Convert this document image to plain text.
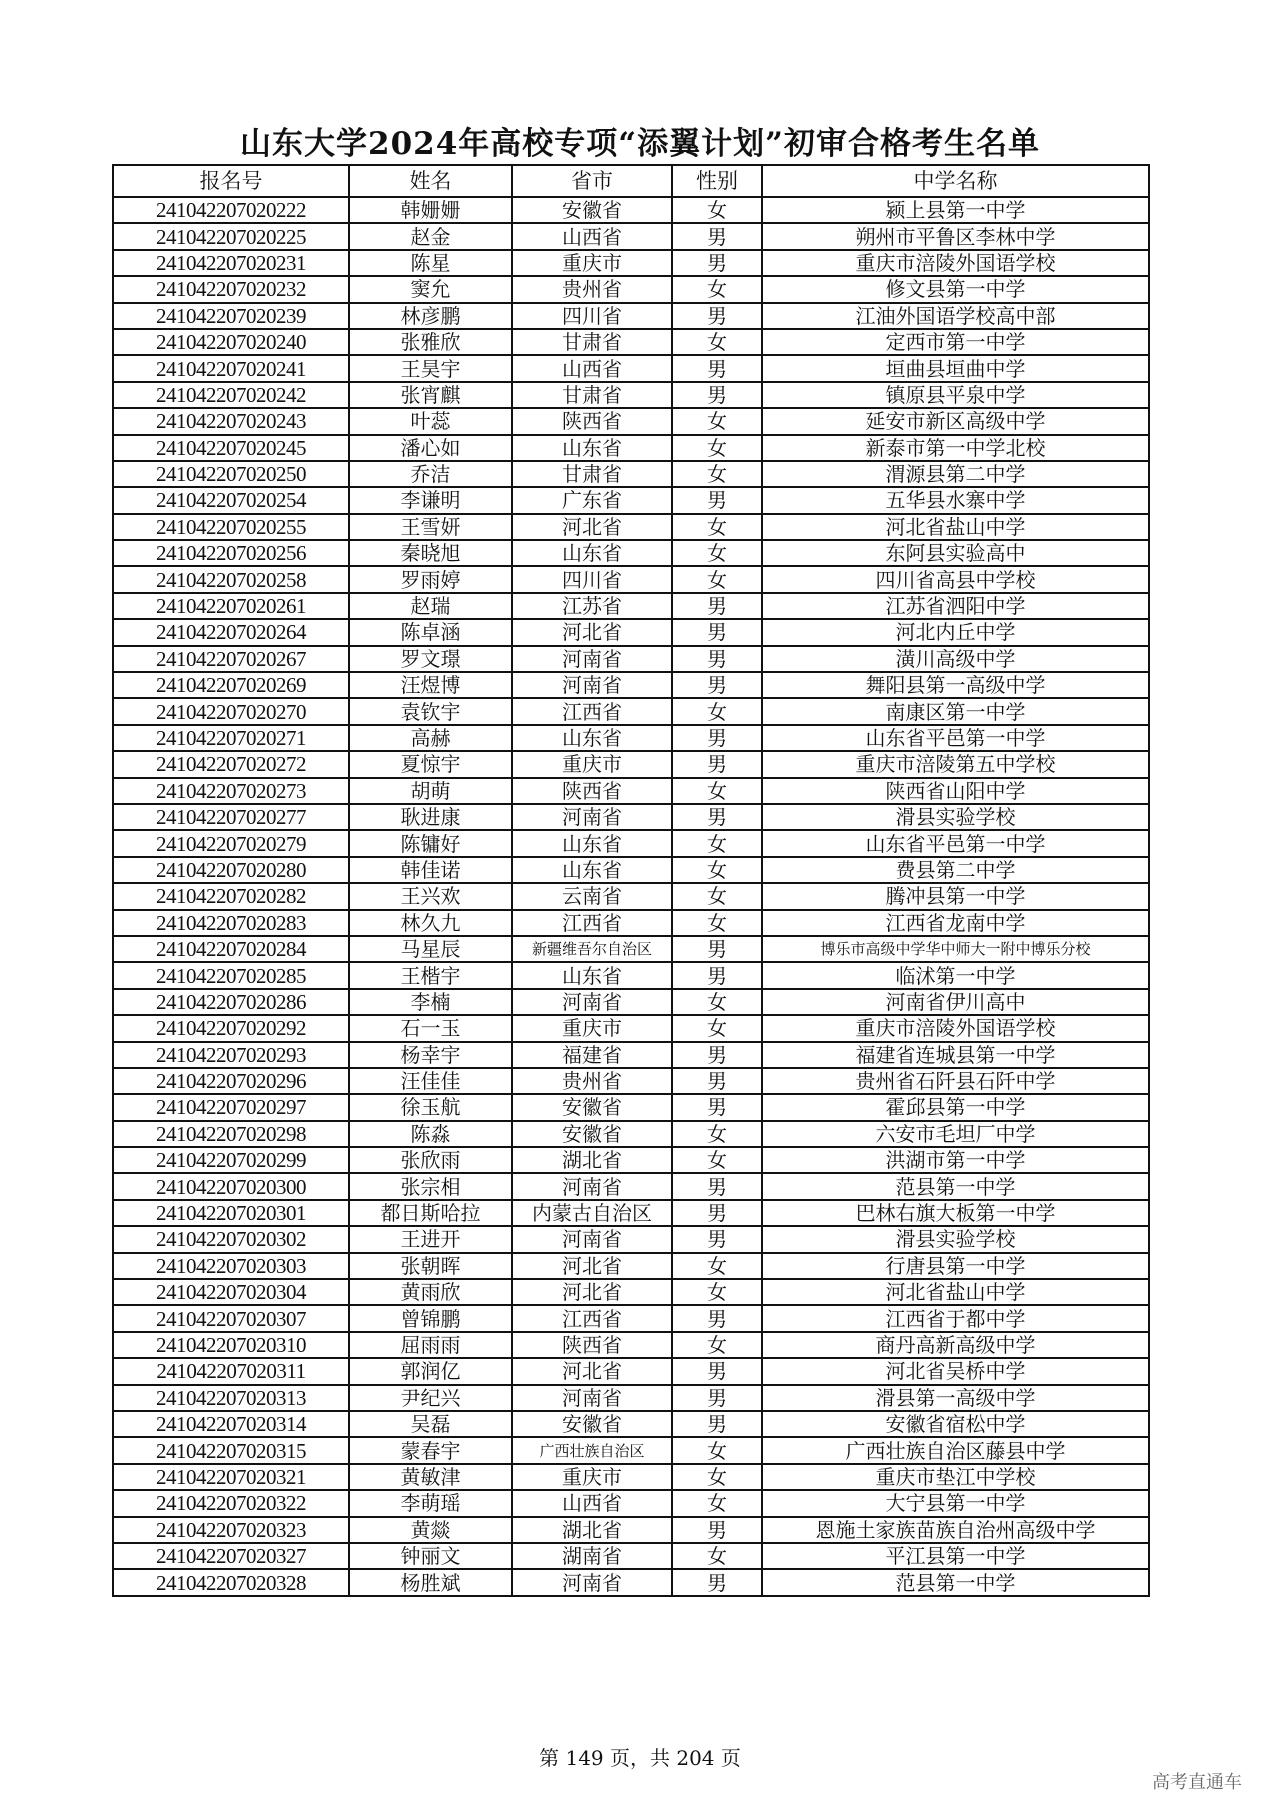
山东大学2024年高校专项“添翼计划”初审合格考生名单
报名号	姓名	省市	性别	中学名称
241042207020222	韩姗姗	安徽省	女	颍上县第一中学
241042207020225	赵金	山西省	男	朔州市平鲁区李林中学
241042207020231	陈星	重庆市	男	重庆市涪陵外国语学校
241042207020232	窦允	贵州省	女	修文县第一中学
241042207020239	林彦鹏	四川省	男	江油外国语学校高中部
241042207020240	张雅欣	甘肃省	女	定西市第一中学
241042207020241	王昊宇	山西省	男	垣曲县垣曲中学
241042207020242	张宵麒	甘肃省	男	镇原县平泉中学
241042207020243	叶蕊	陕西省	女	延安市新区高级中学
241042207020245	潘心如	山东省	女	新泰市第一中学北校
241042207020250	乔洁	甘肃省	女	渭源县第二中学
241042207020254	李谦明	广东省	男	五华县水寨中学
241042207020255	王雪妍	河北省	女	河北省盐山中学
241042207020256	秦晓旭	山东省	女	东阿县实验高中
241042207020258	罗雨婷	四川省	女	四川省高县中学校
241042207020261	赵瑞	江苏省	男	江苏省泗阳中学
241042207020264	陈卓涵	河北省	男	河北内丘中学
241042207020267	罗文璟	河南省	男	潢川高级中学
241042207020269	汪煜博	河南省	男	舞阳县第一高级中学
241042207020270	袁钦宇	江西省	女	南康区第一中学
241042207020271	高赫	山东省	男	山东省平邑第一中学
241042207020272	夏惊宇	重庆市	男	重庆市涪陵第五中学校
241042207020273	胡萌	陕西省	女	陕西省山阳中学
241042207020277	耿进康	河南省	男	滑县实验学校
241042207020279	陈镛好	山东省	女	山东省平邑第一中学
241042207020280	韩佳诺	山东省	女	费县第二中学
241042207020282	王兴欢	云南省	女	腾冲县第一中学
241042207020283	林久九	江西省	女	江西省龙南中学
241042207020284	马星辰	新疆维吾尔自治区	男	博乐市高级中学华中师大一附中博乐分校
241042207020285	王楷宇	山东省	男	临沭第一中学
241042207020286	李楠	河南省	女	河南省伊川高中
241042207020292	石一玉	重庆市	女	重庆市涪陵外国语学校
241042207020293	杨幸宇	福建省	男	福建省连城县第一中学
241042207020296	汪佳佳	贵州省	男	贵州省石阡县石阡中学
241042207020297	徐玉航	安徽省	男	霍邱县第一中学
241042207020298	陈淼	安徽省	女	六安市毛坦厂中学
241042207020299	张欣雨	湖北省	女	洪湖市第一中学
241042207020300	张宗相	河南省	男	范县第一中学
241042207020301	都日斯哈拉	内蒙古自治区	男	巴林右旗大板第一中学
241042207020302	王进开	河南省	男	滑县实验学校
241042207020303	张朝晖	河北省	女	行唐县第一中学
241042207020304	黄雨欣	河北省	女	河北省盐山中学
241042207020307	曾锦鹏	江西省	男	江西省于都中学
241042207020310	屈雨雨	陕西省	女	商丹高新高级中学
241042207020311	郭润亿	河北省	男	河北省吴桥中学
241042207020313	尹纪兴	河南省	男	滑县第一高级中学
241042207020314	吴磊	安徽省	男	安徽省宿松中学
241042207020315	蒙春宇	广西壮族自治区	女	广西壮族自治区藤县中学
241042207020321	黄敏津	重庆市	女	重庆市垫江中学校
241042207020322	李萌瑶	山西省	女	大宁县第一中学
241042207020323	黄燚	湖北省	男	恩施土家族苗族自治州高级中学
241042207020327	钟丽文	湖南省	女	平江县第一中学
241042207020328	杨胜斌	河南省	男	范县第一中学
第 149 页，共 204 页
高考直通车
